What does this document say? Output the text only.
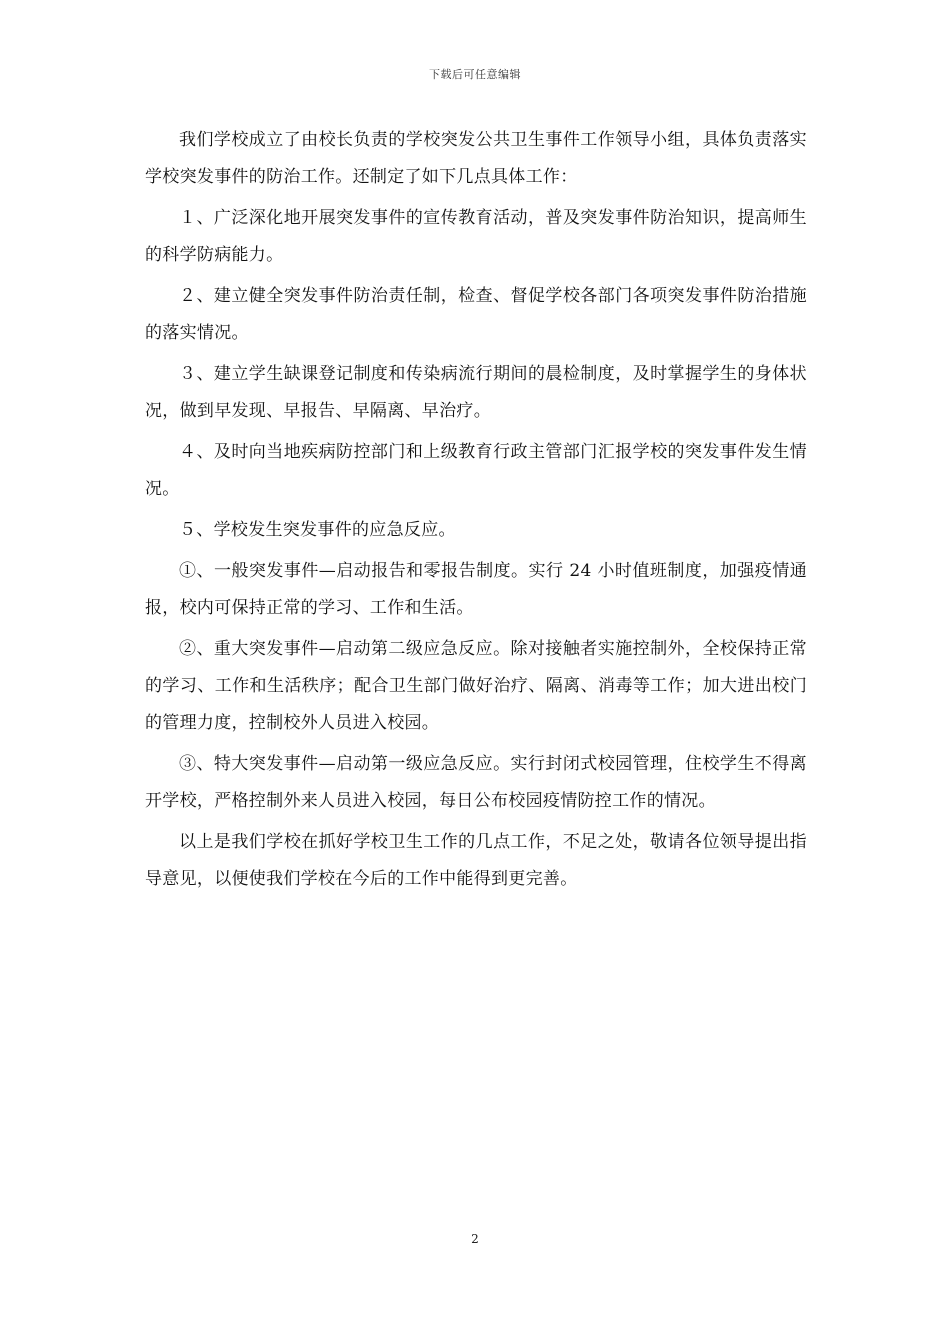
下载后可任意编辑

我们学校成立了由校长负责的学校突发公共卫生事件工作领导小组，具体负责落实学校突发事件的防治工作。还制定了如下几点具体工作：

１、广泛深化地开展突发事件的宣传教育活动，普及突发事件防治知识，提高师生的科学防病能力。

２、建立健全突发事件防治责任制，检查、督促学校各部门各项突发事件防治措施的落实情况。

３、建立学生缺课登记制度和传染病流行期间的晨检制度，及时掌握学生的身体状况，做到早发现、早报告、早隔离、早治疗。

４、及时向当地疾病防控部门和上级教育行政主管部门汇报学校的突发事件发生情况。

５、学校发生突发事件的应急反应。

①、一般突发事件—启动报告和零报告制度。实行 24 小时值班制度，加强疫情通报，校内可保持正常的学习、工作和生活。

②、重大突发事件—启动第二级应急反应。除对接触者实施控制外，全校保持正常的学习、工作和生活秩序；配合卫生部门做好治疗、隔离、消毒等工作；加大进出校门的管理力度，控制校外人员进入校园。

③、特大突发事件—启动第一级应急反应。实行封闭式校园管理，住校学生不得离开学校，严格控制外来人员进入校园，每日公布校园疫情防控工作的情况。

以上是我们学校在抓好学校卫生工作的几点工作，不足之处，敬请各位领导提出指导意见，以便使我们学校在今后的工作中能得到更完善。

2
